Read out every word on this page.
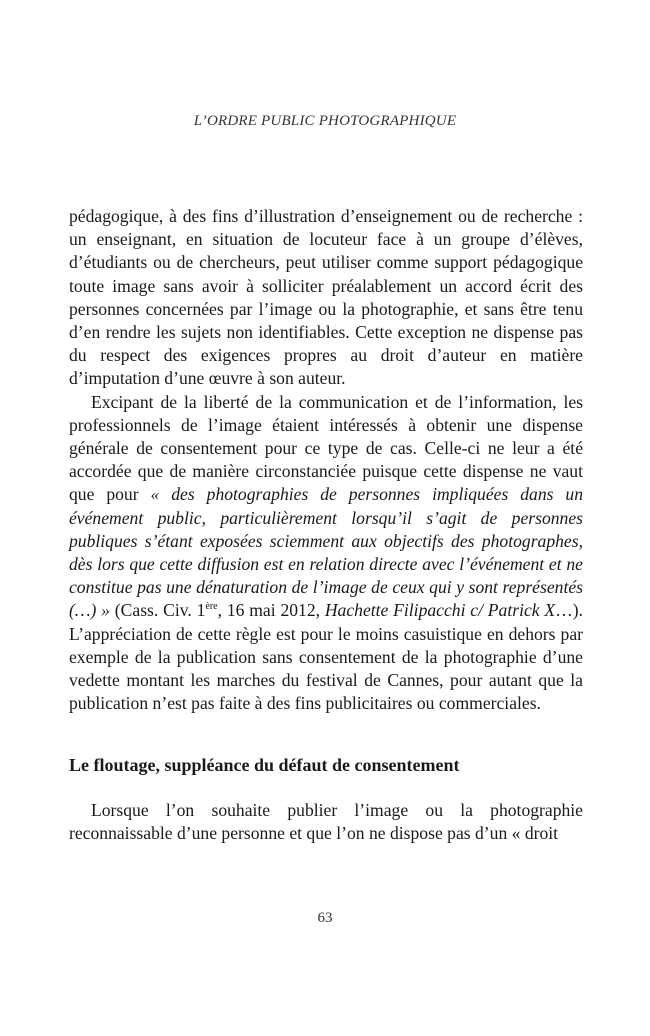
L’ORDRE PUBLIC PHOTOGRAPHIQUE

pédagogique, à des fins d’illustration d’enseignement ou de recherche : un enseignant, en situation de locuteur face à un groupe d’élèves, d’étudiants ou de chercheurs, peut utiliser comme support pédagogique toute image sans avoir à solliciter préalablement un accord écrit des personnes concernées par l’image ou la photographie, et sans être tenu d’en rendre les sujets non identifiables. Cette exception ne dispense pas du respect des exigences propres au droit d’auteur en matière d’imputation d’une œuvre à son auteur.

Excipant de la liberté de la communication et de l’information, les professionnels de l’image étaient intéressés à obtenir une dispense générale de consentement pour ce type de cas. Celle-ci ne leur a été accordée que de manière circonstanciée puisque cette dispense ne vaut que pour « des photographies de personnes impliquées dans un événement public, particulièrement lorsqu’il s’agit de personnes publiques s’étant exposées sciemment aux objectifs des photographes, dès lors que cette diffusion est en relation directe avec l’événement et ne constitue pas une dénaturation de l’image de ceux qui y sont représentés (…) » (Cass. Civ. 1ère, 16 mai 2012, Hachette Filipacchi c/ Patrick X…). L’appréciation de cette règle est pour le moins casuistique en dehors par exemple de la publication sans consentement de la photographie d’une vedette montant les marches du festival de Cannes, pour autant que la publication n’est pas faite à des fins publicitaires ou commerciales.

Le floutage, suppléance du défaut de consentement

Lorsque l’on souhaite publier l’image ou la photographie reconnaissable d’une personne et que l’on ne dispose pas d’un « droit

63
